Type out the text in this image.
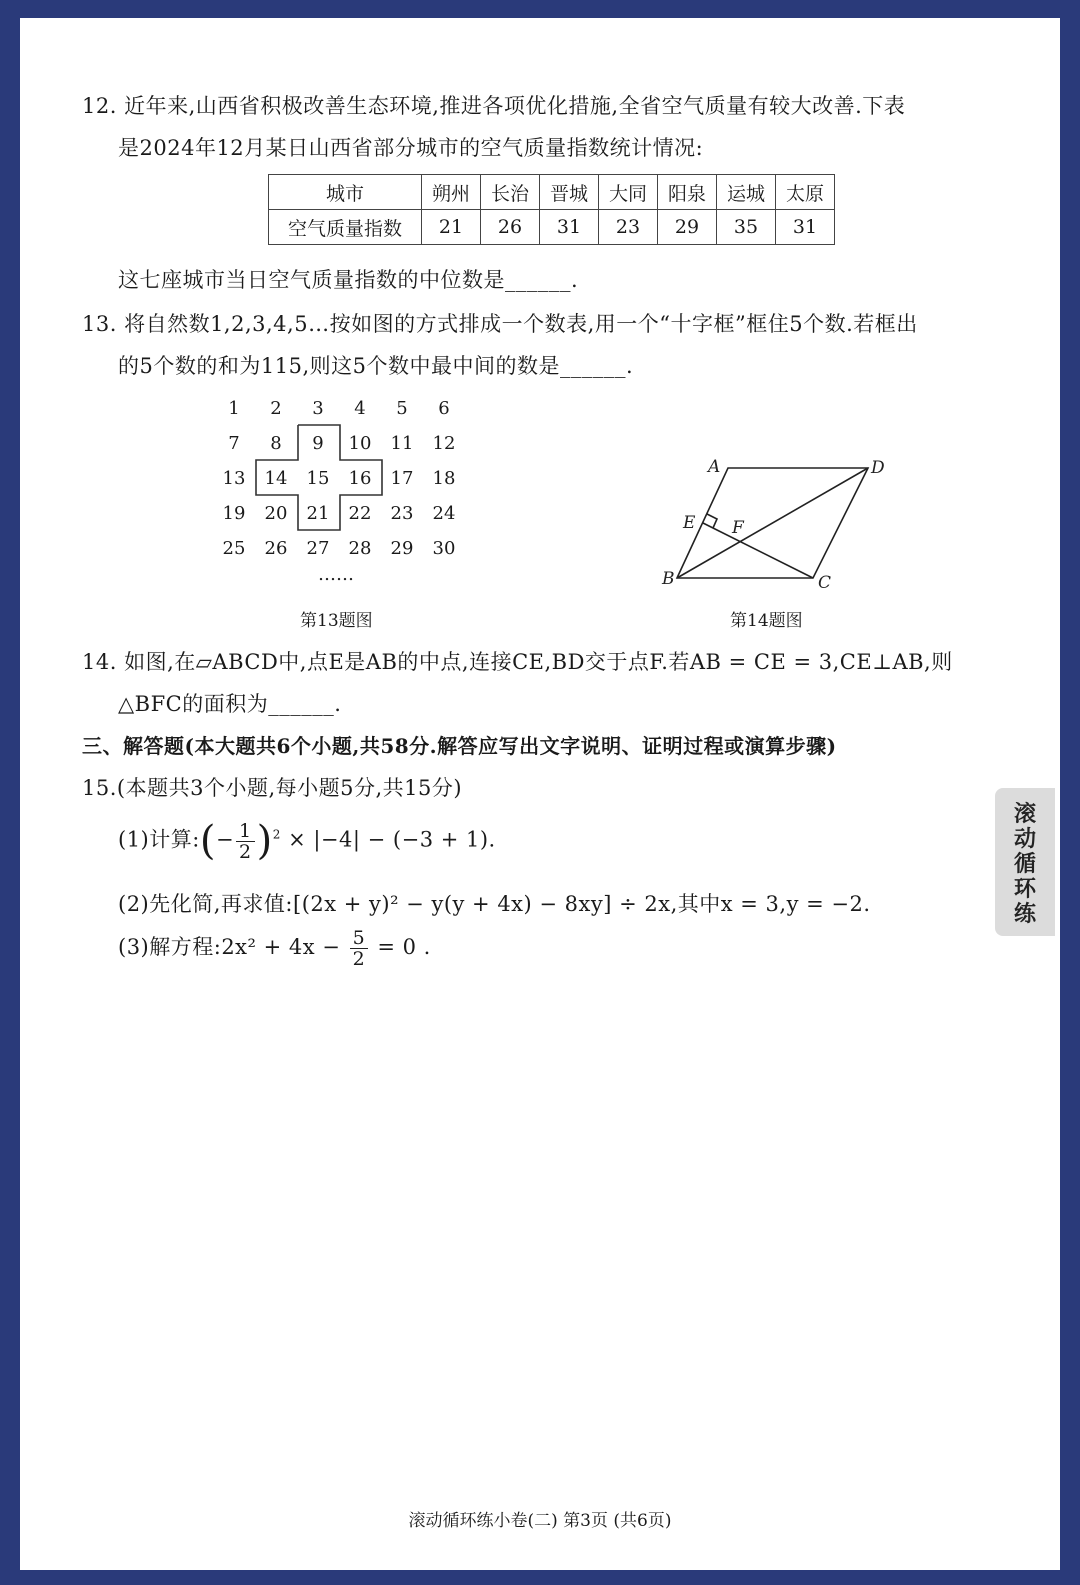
12. 近年来,山西省积极改善生态环境,推进各项优化措施,全省空气质量有较大改善.下表
是2024年12月某日山西省部分城市的空气质量指数统计情况:
城市	朔州	长治	晋城	大同	阳泉	运城	太原
空气质量指数	21	26	31	23	29	35	31
这七座城市当日空气质量指数的中位数是______.
13. 将自然数1,2,3,4,5…按如图的方式排成一个数表,用一个“十字框”框住5个数.若框出
的5个数的和为115,则这5个数中最中间的数是______.
1	2	3	4	5	6
7	8	9	10	11	12
13	14	15	16	17	18
19	20	21	22	23	24
25	26	27	28	29	30
……
第13题图
A	D
B	C
E F
第14题图
14. 如图,在▱ABCD中,点E是AB的中点,连接CE,BD交于点F.若AB = CE = 3,CE⊥AB,则
△BFC的面积为______.
三、解答题(本大题共6个小题,共58分.解答应写出文字说明、证明过程或演算步骤)
15.(本题共3个小题,每小题5分,共15分)
(1)计算:(− $\frac{1}{2} )^2 \times |-4| - (-3 + 1)$.
(2)先化简,再求值:[(2x + y)² − y(y + 4x) − 8xy] ÷ 2x,其中x = 3,y = −2.
(3)解方程:2x² + $4x - \frac{5}{2} = 0$ .
滚动循环练
滚动循环练小卷(二) 第3页 (共6页)
